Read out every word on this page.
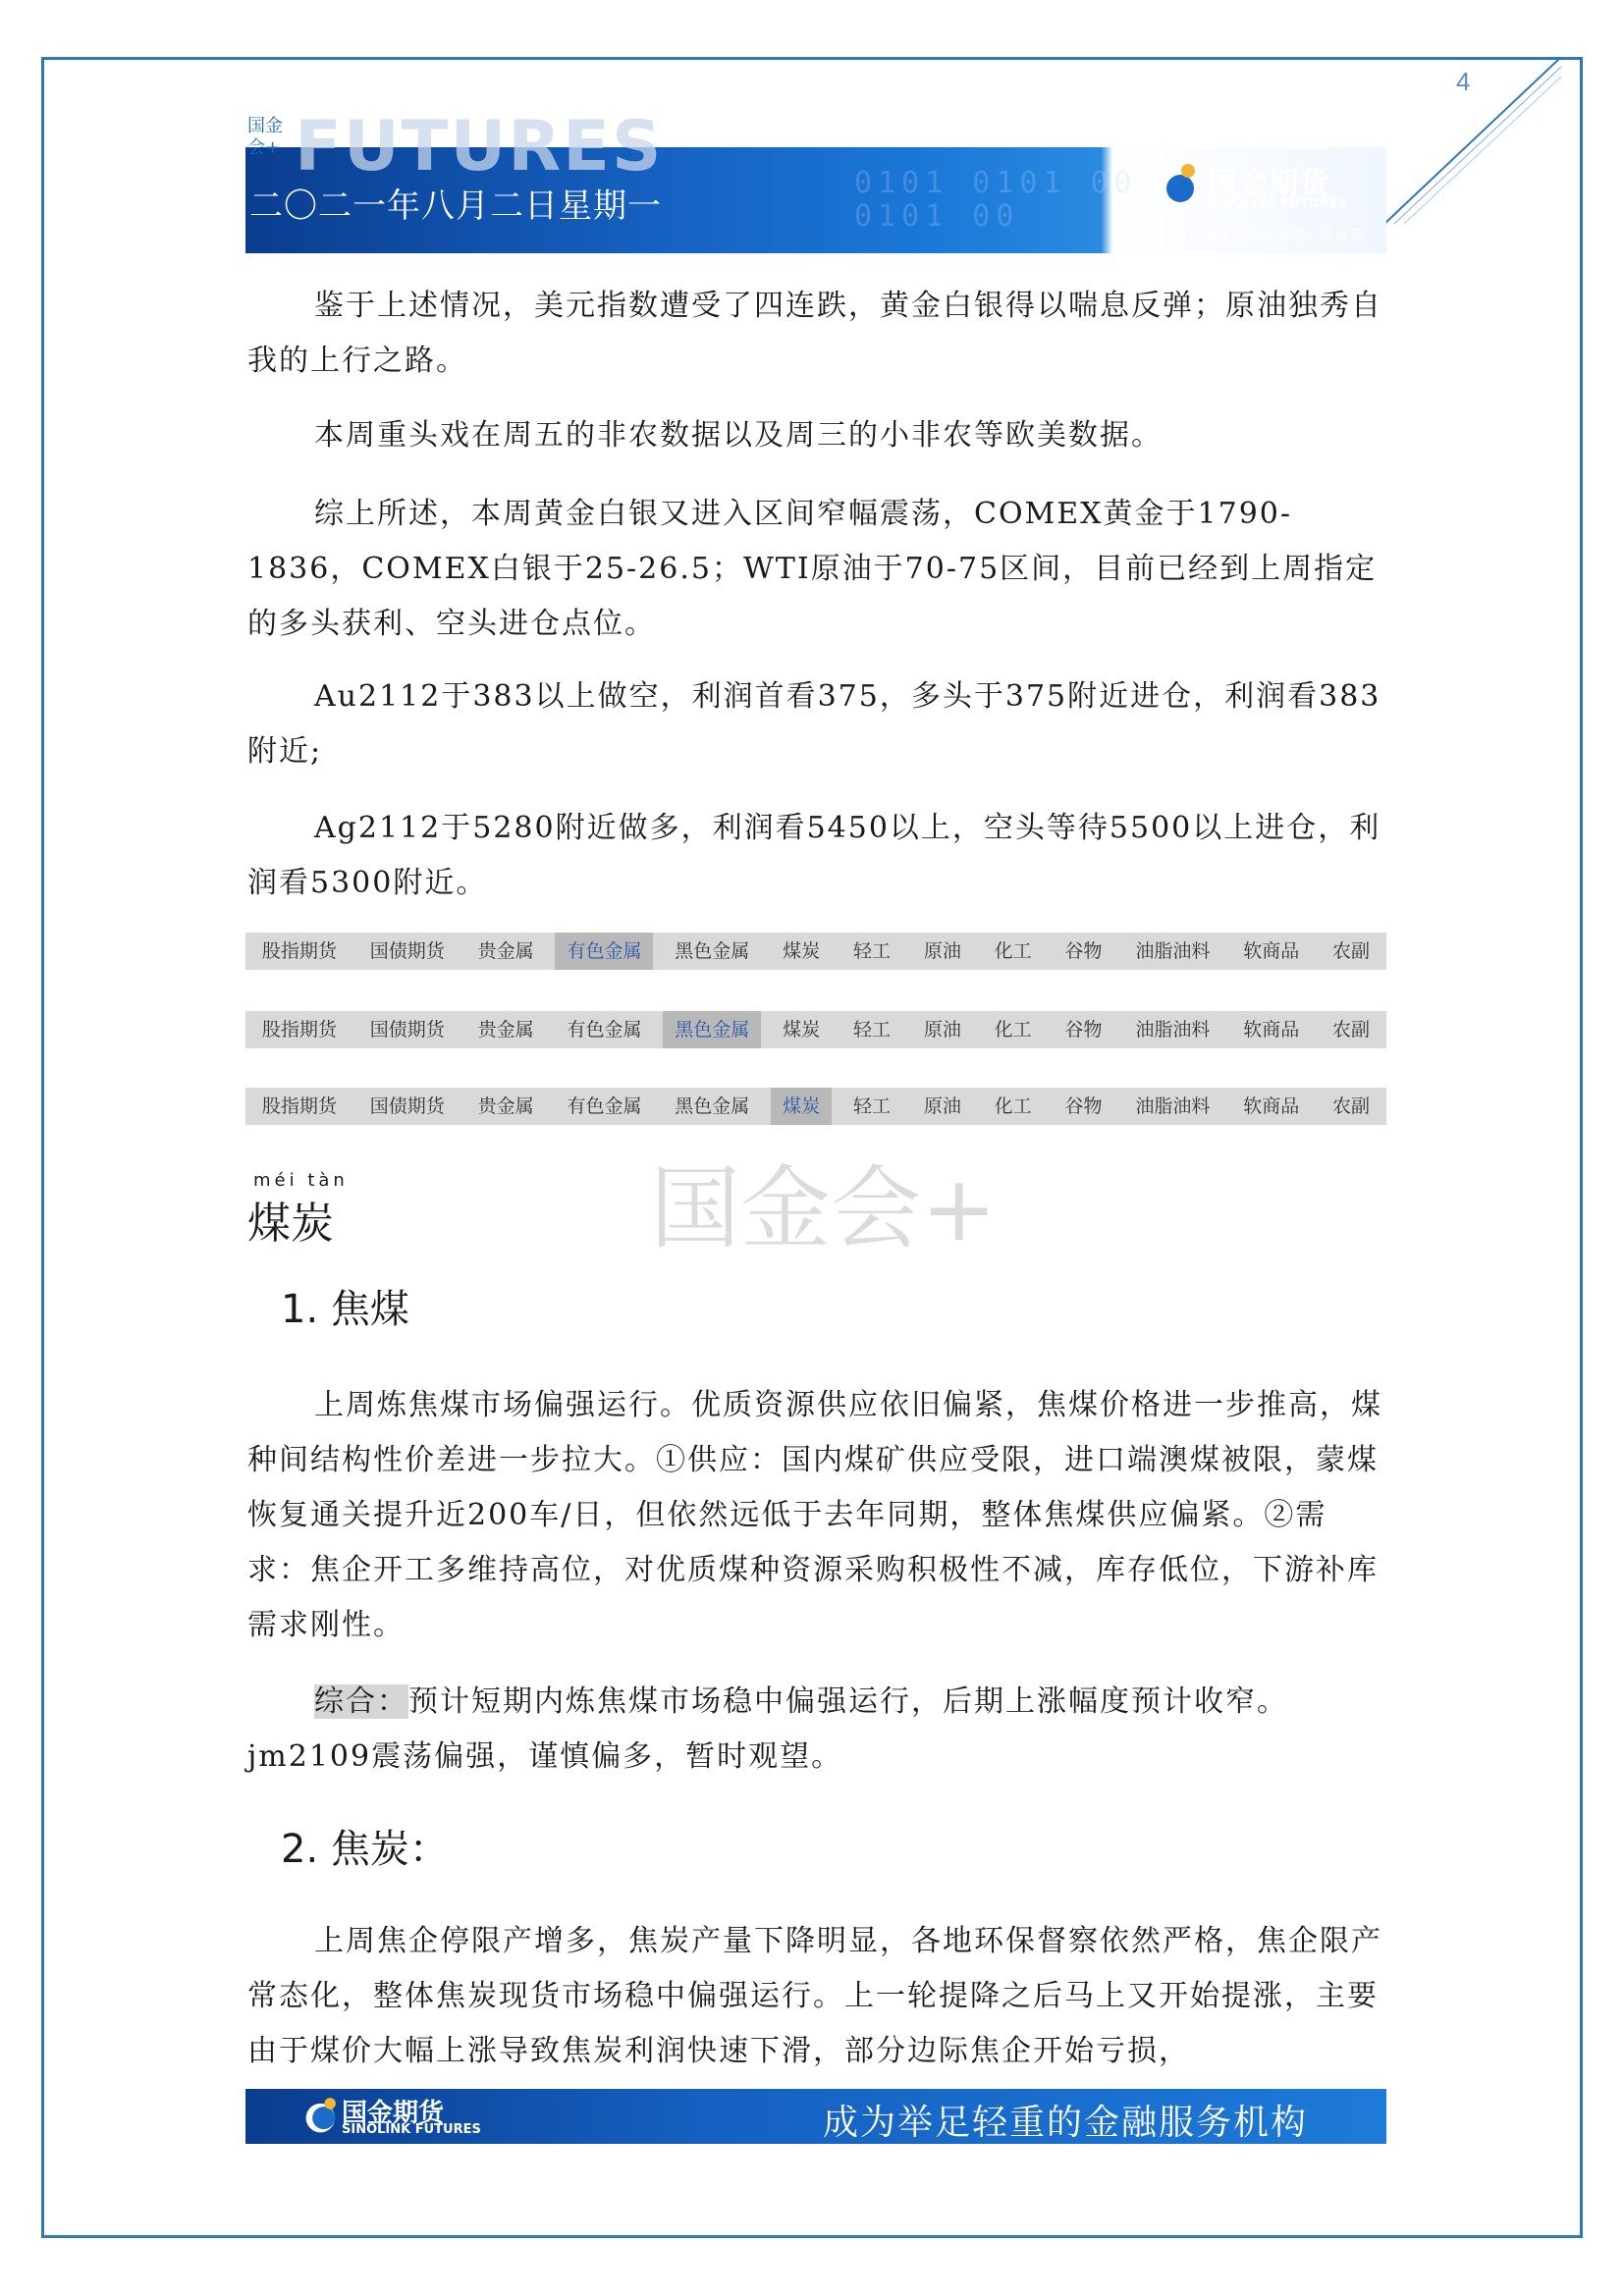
4
0101 0101 00
0101 00
FUTURES
国金会+
二〇二一年八月二日星期一
国金期货
SINOLINK FUTURES
让金融服务更高效、更可靠

鉴于上述情况，美元指数遭受了四连跌，黄金白银得以喘息反弹；原油独秀自我的上行之路。

本周重头戏在周五的非农数据以及周三的小非农等欧美数据。

综上所述，本周黄金白银又进入区间窄幅震荡，COMEX黄金于1790-1836，COMEX白银于25-26.5；WTI原油于70-75区间，目前已经到上周指定的多头获利、空头进仓点位。

Au2112于383以上做空，利润首看375，多头于375附近进仓，利润看383附近;

Ag2112于5280附近做多，利润看5450以上，空头等待5500以上进仓，利润看5300附近。

股指期货	国债期货	贵金属	有色金属	黑色金属	煤炭	轻工	原油	化工	谷物	油脂油料	软商品	农副
股指期货	国债期货	贵金属	有色金属	黑色金属	煤炭	轻工	原油	化工	谷物	油脂油料	软商品	农副
股指期货	国债期货	贵金属	有色金属	黑色金属	煤炭	轻工	原油	化工	谷物	油脂油料	软商品	农副
国金会+
méi tàn
煤炭
1. 焦煤

上周炼焦煤市场偏强运行。优质资源供应依旧偏紧，焦煤价格进一步推高，煤种间结构性价差进一步拉大。①供应：国内煤矿供应受限，进口端澳煤被限，蒙煤恢复通关提升近200车/日，但依然远低于去年同期，整体焦煤供应偏紧。②需求：焦企开工多维持高位，对优质煤种资源采购积极性不减，库存低位，下游补库需求刚性。

综合：预计短期内炼焦煤市场稳中偏强运行，后期上涨幅度预计收窄。jm2109震荡偏强，谨慎偏多，暂时观望。

2. 焦炭：

上周焦企停限产增多，焦炭产量下降明显，各地环保督察依然严格，焦企限产常态化，整体焦炭现货市场稳中偏强运行。上一轮提降之后马上又开始提涨，主要由于煤价大幅上涨导致焦炭利润快速下滑，部分边际焦企开始亏损，

国金期货
SINOLINK FUTURES	成为举足轻重的金融服务机构
